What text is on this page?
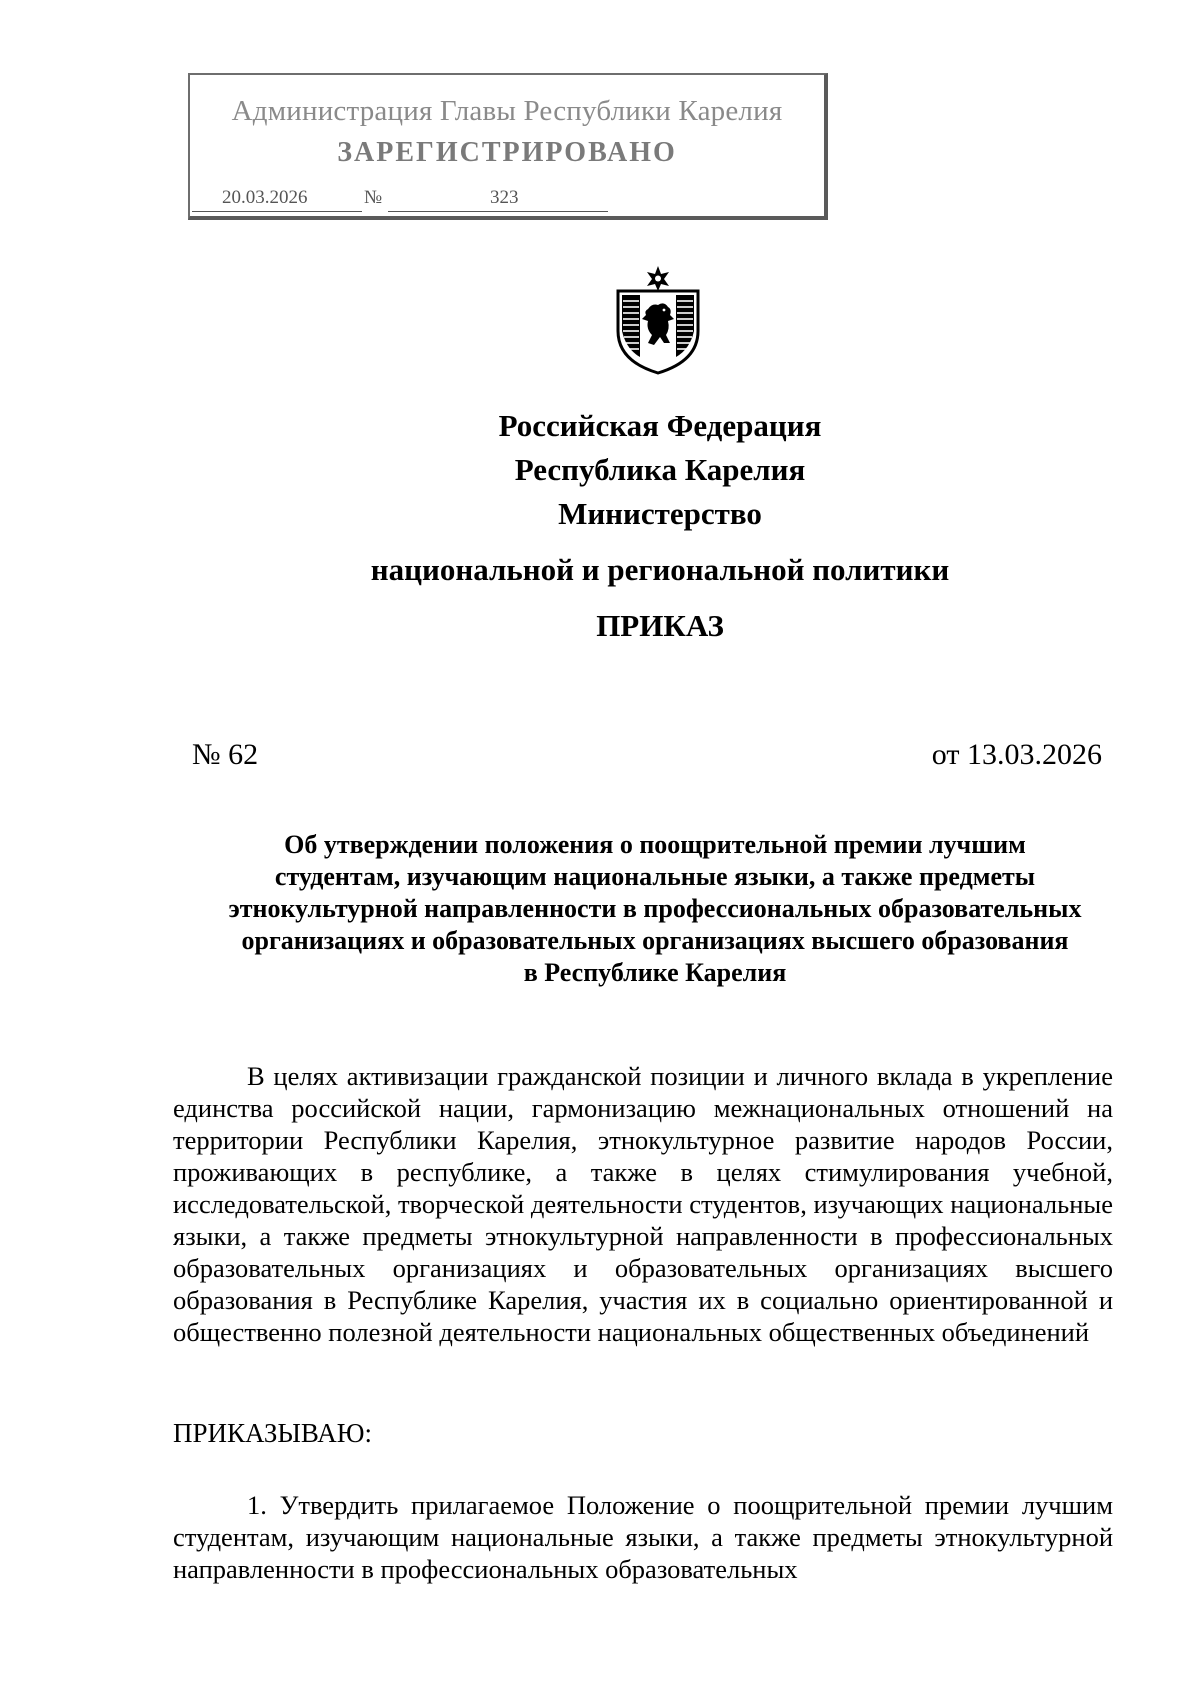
Администрация Главы Республики Карелия
ЗАРЕГИСТРИРОВАНО
20.03.2026	№	323
Российская Федерация
Республика Карелия
Министерство
национальной и региональной политики
ПРИКАЗ
№ 62	от 13.03.2026
Об утверждении положения о поощрительной премии лучшим
студентам, изучающим национальные языки, а также предметы
этнокультурной направленности в профессиональных образовательных
организациях и образовательных организациях высшего образования
в Республике Карелия
В целях активизации гражданской позиции и личного вклада в укрепление единства российской нации, гармонизацию межнациональных отношений на территории Республики Карелия, этнокультурное развитие народов России, проживающих в республике, а также в целях стимулирования учебной, исследовательской, творческой деятельности студентов, изучающих национальные языки, а также предметы этнокультурной направленности в профессиональных образовательных организациях и образовательных организациях высшего образования в Республике Карелия, участия их в социально ориентированной и общественно полезной деятельности национальных общественных объединений
ПРИКАЗЫВАЮ:
1. Утвердить прилагаемое Положение о поощрительной премии лучшим студентам, изучающим национальные языки, а также предметы этнокультурной направленности в профессиональных образовательных
